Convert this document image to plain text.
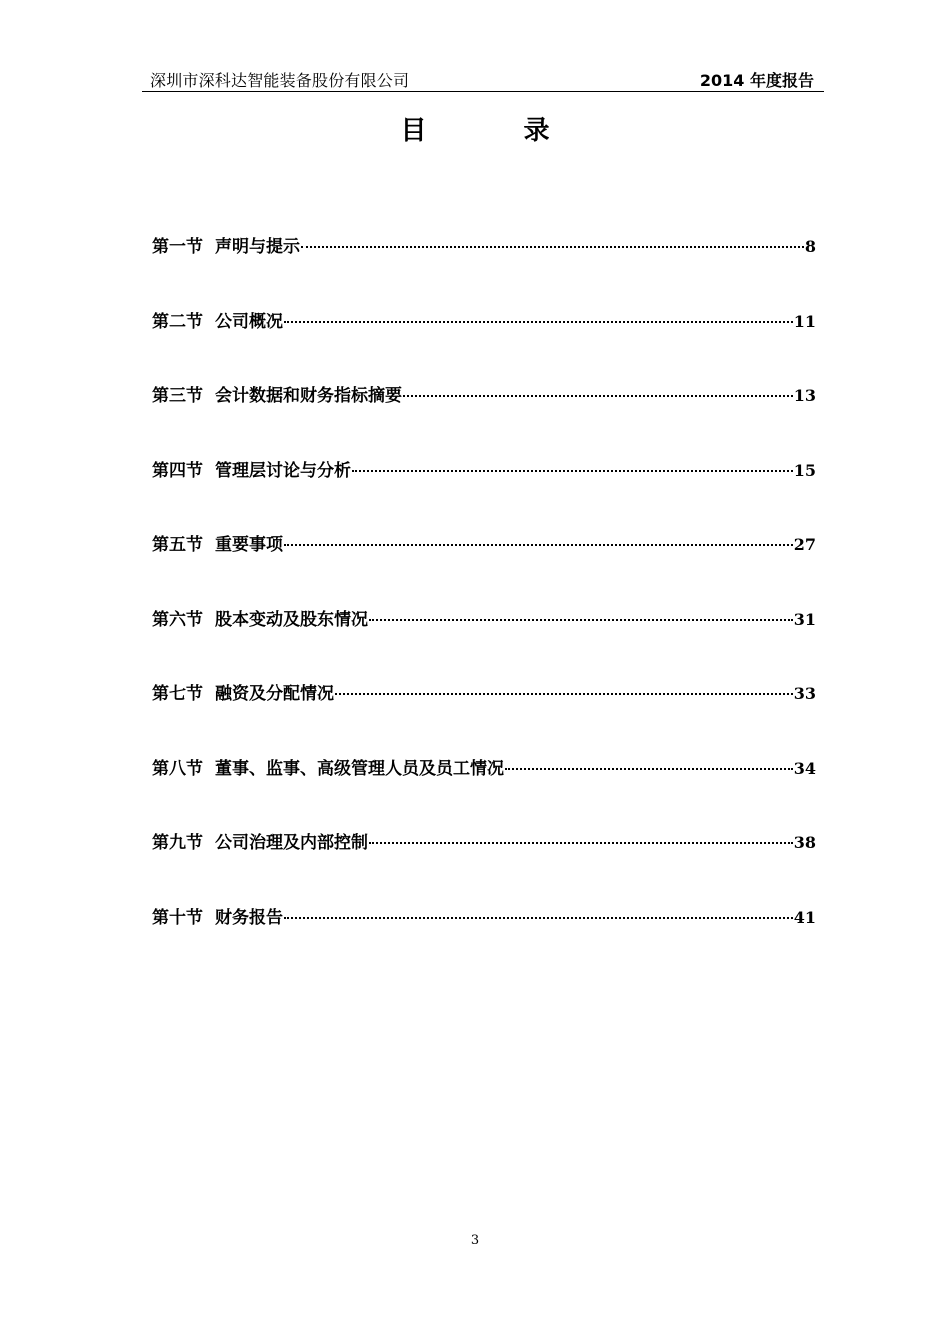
深圳市深科达智能装备股份有限公司	2014 年度报告
目 录
第一节 声明与提示	8
第二节 公司概况	11
第三节 会计数据和财务指标摘要	13
第四节 管理层讨论与分析	15
第五节 重要事项	27
第六节 股本变动及股东情况	31
第七节 融资及分配情况	33
第八节 董事、监事、高级管理人员及员工情况	34
第九节 公司治理及内部控制	38
第十节 财务报告	41
3
